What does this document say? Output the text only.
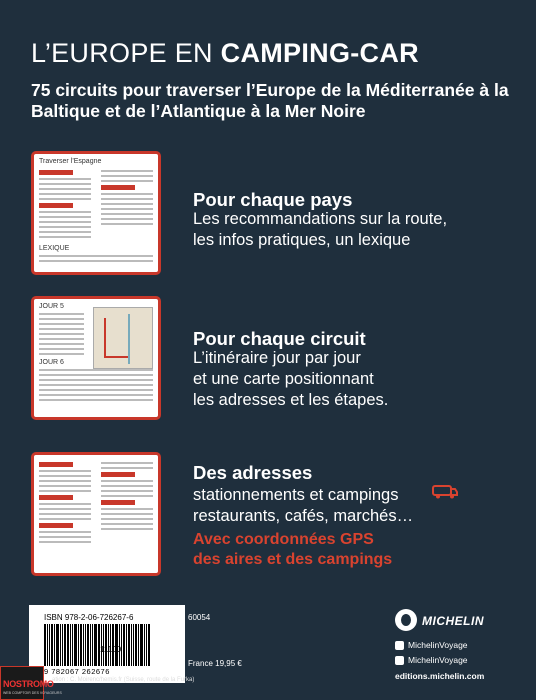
L’EUROPE EN CAMPING-CAR
75 circuits pour traverser l’Europe de la Méditerranée à la Baltique et de l’Atlantique à la Mer Noire
Traverser l’Espagne
LEXIQUE
JOUR 5
JOUR 6
Pour chaque pays
Les recommandations sur la route,
les infos pratiques, un lexique
Pour chaque circuit
L’itinéraire jour par jour
et une carte positionnant
les adresses et les étapes.
Des adresses
stationnements et campings
restaurants, cafés, marchés…
Avec coordonnées GPS
des aires et des campings
ISBN 978-2-06-726267-6
9 782067 262676
11100
60054
France 19,95 €
ation : C. Moirenc/hemis.fr (Suisse, route de la Furka)
NOSTROMO
WEB COMPTOIR DES VOYAGEURS
MICHELIN
MichelinVoyage
MichelinVoyage
editions.michelin.com
